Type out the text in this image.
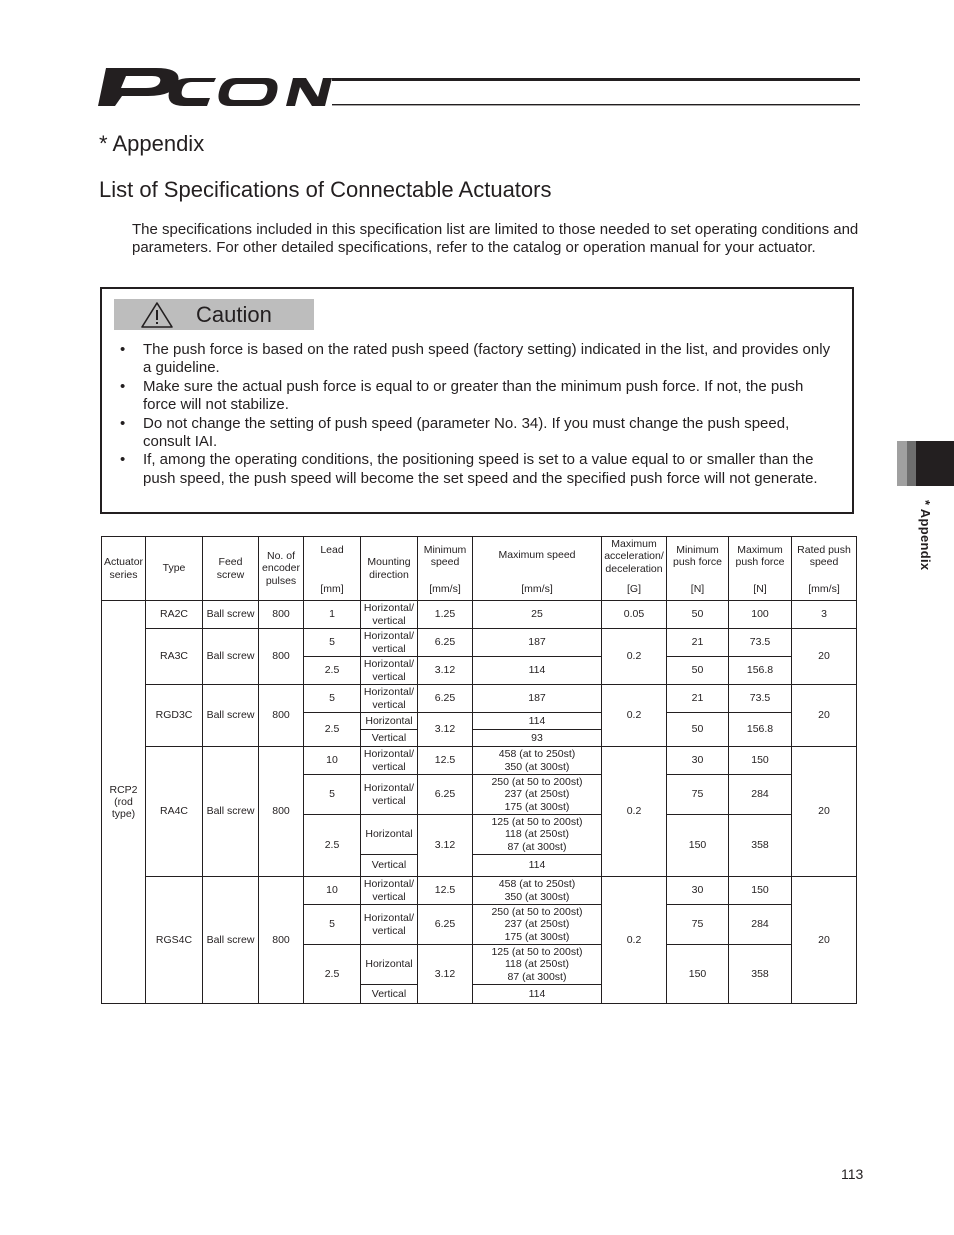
* Appendix
List of Specifications of Connectable Actuators

The specifications included in this specification list are limited to those needed to set operating conditions and parameters. For other detailed specifications, refer to the catalog or operation manual for your actuator.

Caution
• The push force is based on the rated push speed (factory setting) indicated in the list, and provides only a guideline.
• Make sure the actual push force is equal to or greater than the minimum push force. If not, the push force will not stabilize.
• Do not change the setting of push speed (parameter No. 34). If you must change the push speed, consult IAI.
• If, among the operating conditions, the positioning speed is set to a value equal to or smaller than the push speed, the push speed will become the set speed and the specified push force will not generate.
* Appendix
Actuator series	Type	Feed screw	No. of encoder pulses	Lead
[mm]	Mounting direction	Minimum speed
[mm/s]	Maximum speed
[mm/s]	Maximum acceleration/ deceleration
[G]	Minimum push force
[N]	Maximum push force
[N]	Rated push speed
[mm/s]

RCP2 (rod type)	RA2C	Ball screw	800	1	Horizontal/ vertical	1.25	25	0.05	50	100	3
	RA3C	Ball screw	800	5	Horizontal/ vertical	6.25	187	0.2	21	73.5	20
				2.5	Horizontal/ vertical	3.12	114		50	156.8	
	RGD3C	Ball screw	800	5	Horizontal/ vertical	6.25	187	0.2	21	73.5	20
				2.5	Horizontal	3.12	114		50	156.8	
					Vertical		93				
	RA4C	Ball screw	800	10	Horizontal/ vertical	12.5	458 (at to 250st)
350 (at 300st)	0.2	30	150	20
				5	Horizontal/ vertical	6.25	250 (at 50 to 200st)
237 (at 250st)
175 (at 300st)		75	284	
				2.5	Horizontal	3.12	125 (at 50 to 200st)
118 (at 250st)
87 (at 300st)		150	358	
					Vertical		114				
	RGS4C	Ball screw	800	10	Horizontal/ vertical	12.5	458 (at to 250st)
350 (at 300st)	0.2	30	150	20
				5	Horizontal/ vertical	6.25	250 (at 50 to 200st)
237 (at 250st)
175 (at 300st)		75	284	
				2.5	Horizontal	3.12	125 (at 50 to 200st)
118 (at 250st)
87 (at 300st)		150	358	
					Vertical		114				
113
